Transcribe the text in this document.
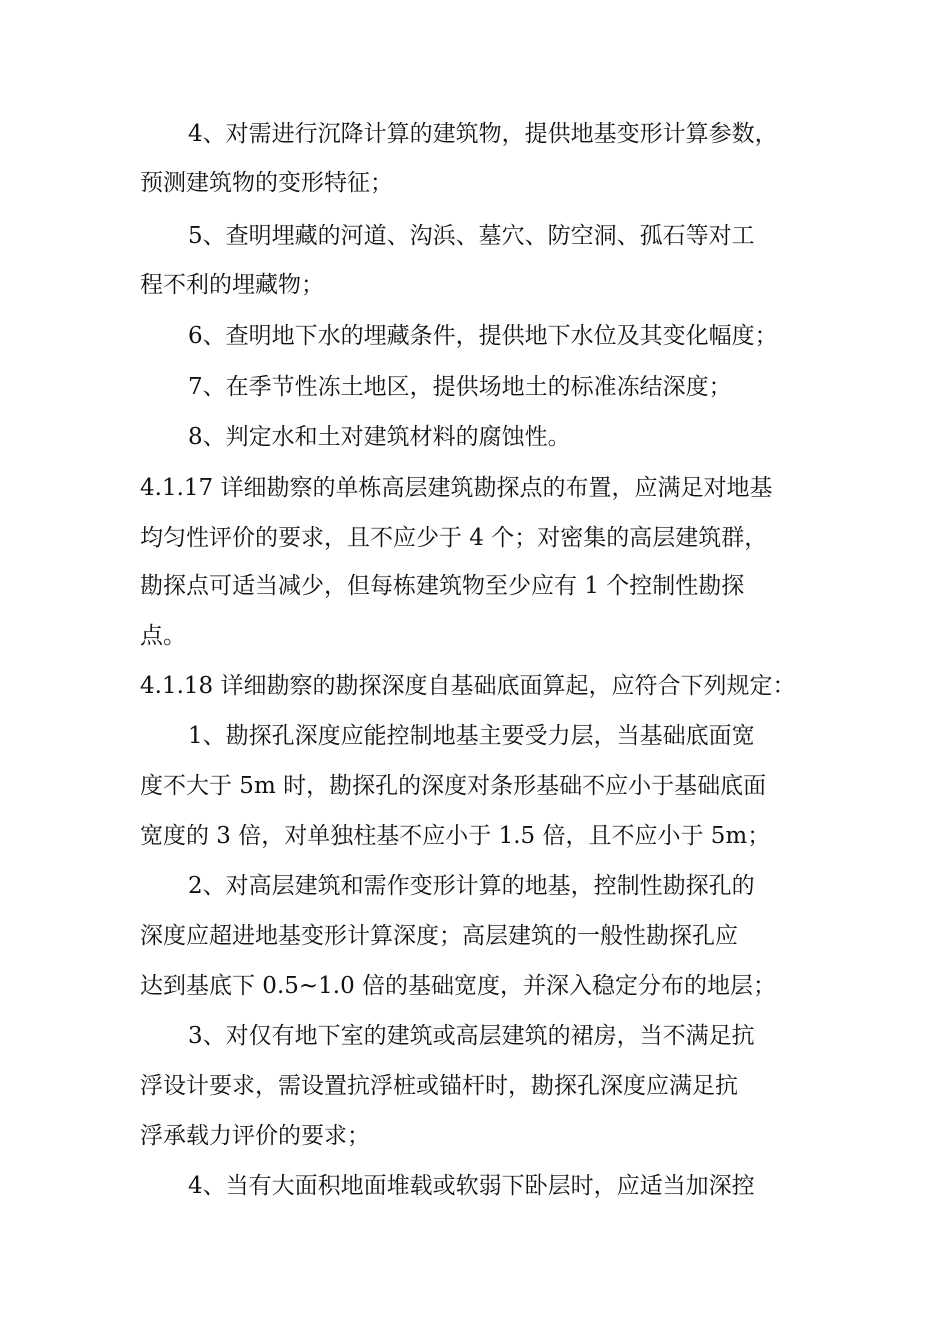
4、对需进行沉降计算的建筑物，提供地基变形计算参数，
预测建筑物的变形特征；
5、查明埋藏的河道、沟浜、墓穴、防空洞、孤石等对工
程不利的埋藏物；
6、查明地下水的埋藏条件，提供地下水位及其变化幅度；
7、在季节性冻土地区，提供场地土的标准冻结深度；
8、判定水和土对建筑材料的腐蚀性。
4.1.17 详细勘察的单栋高层建筑勘探点的布置，应满足对地基
均匀性评价的要求，且不应少于 4 个；对密集的高层建筑群，
勘探点可适当减少，但每栋建筑物至少应有 1 个控制性勘探
点。
4.1.18 详细勘察的勘探深度自基础底面算起，应符合下列规定：
1、勘探孔深度应能控制地基主要受力层，当基础底面宽
度不大于 5m 时，勘探孔的深度对条形基础不应小于基础底面
宽度的 3 倍，对单独柱基不应小于 1.5 倍，且不应小于 5m；
2、对高层建筑和需作变形计算的地基，控制性勘探孔的
深度应超进地基变形计算深度；高层建筑的一般性勘探孔应
达到基底下 0.5~1.0 倍的基础宽度，并深入稳定分布的地层；
3、对仅有地下室的建筑或高层建筑的裙房，当不满足抗
浮设计要求，需设置抗浮桩或锚杆时，勘探孔深度应满足抗
浮承载力评价的要求；
4、当有大面积地面堆载或软弱下卧层时，应适当加深控
